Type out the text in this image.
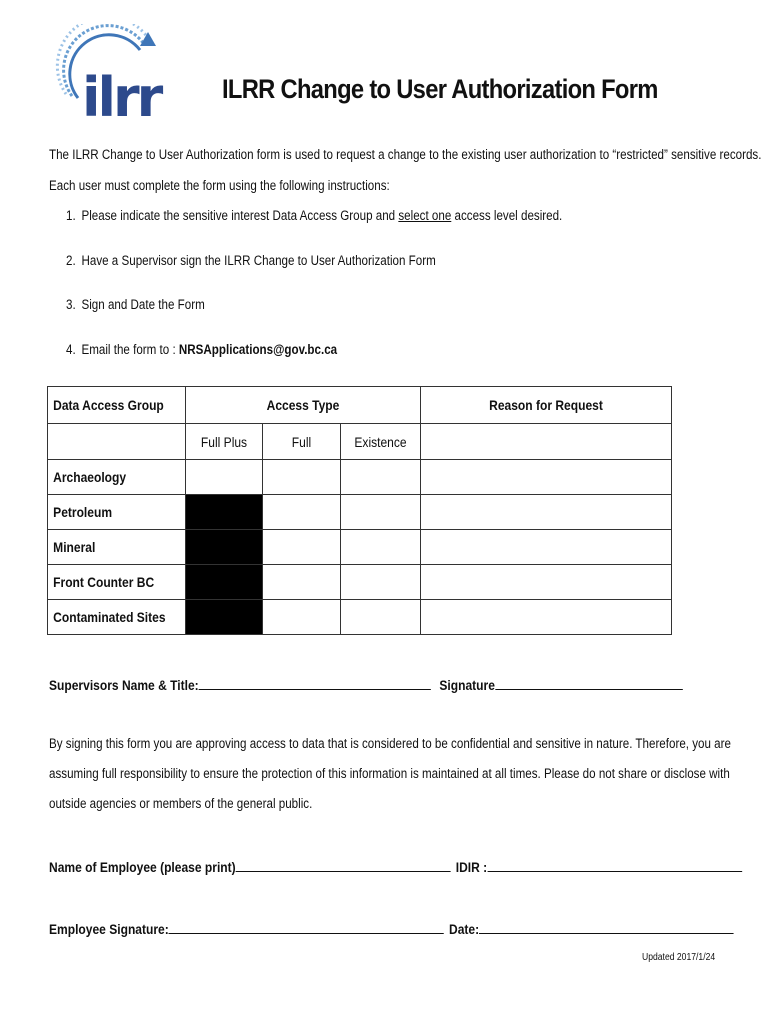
ilrr ILRR Change to User Authorization Form
The ILRR Change to User Authorization form is used to request a change to the existing user authorization to “restricted” sensitive records.
Each user must complete the form using the following instructions:
1. Please indicate the sensitive interest Data Access Group and select one access level desired.
2. Have a Supervisor sign the ILRR Change to User Authorization Form
3. Sign and Date the Form
4. Email the form to : NRSApplications@gov.bc.ca
Data Access Group	Access Type			Reason for Request

	Full Plus	Full	Existence	

Archaeology				

Petroleum				

Mineral				

Front Counter BC				

Contaminated Sites				

Supervisors Name & Title:	Signature
By signing this form you are approving access to data that is considered to be confidential and sensitive in nature. Therefore, you are
assuming full responsibility to ensure the protection of this information is maintained at all times. Please do not share or disclose with
outside agencies or members of the general public.
Name of Employee (please print)	IDIR :
Employee Signature:	Date:
Updated 2017/1/24
